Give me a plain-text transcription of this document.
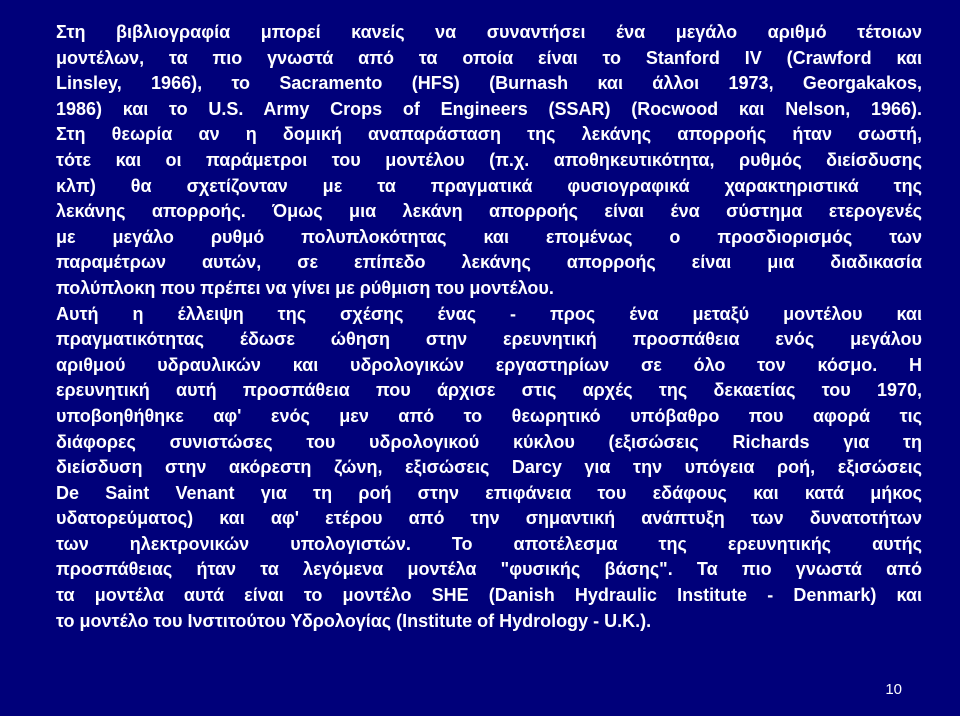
Στη βιβλιογραφία μπορεί κανείς να συναντήσει ένα μεγάλο αριθμό τέτοιων
μοντέλων, τα πιο γνωστά από τα οποία είναι το Stanford IV (Crawford και
Linsley, 1966), το Sacramento (HFS) (Burnash και άλλοι 1973, Georgakakos,
1986) και το U.S. Army Crops of Engineers (SSAR) (Rocwood και Nelson, 1966).
Στη θεωρία αν η δομική αναπαράσταση της λεκάνης απορροής ήταν σωστή,
τότε και οι παράμετροι του μοντέλου (π.χ. αποθηκευτικότητα, ρυθμός διείσδυσης
κλπ) θα σχετίζονταν με τα πραγματικά φυσιογραφικά χαρακτηριστικά της
λεκάνης απορροής. Όμως μια λεκάνη απορροής είναι ένα σύστημα ετερογενές
με μεγάλο ρυθμό πολυπλοκότητας και επομένως ο προσδιορισμός των
παραμέτρων αυτών, σε επίπεδο λεκάνης απορροής είναι μια διαδικασία
πολύπλοκη που πρέπει να γίνει με ρύθμιση του μοντέλου.
Αυτή η έλλειψη της σχέσης ένας - προς ένα μεταξύ μοντέλου και
πραγματικότητας έδωσε ώθηση στην ερευνητική προσπάθεια ενός μεγάλου
αριθμού υδραυλικών και υδρολογικών εργαστηρίων σε όλο τον κόσμο. Η
ερευνητική αυτή προσπάθεια που άρχισε στις αρχές της δεκαετίας του 1970,
υποβοηθήθηκε αφ' ενός μεν από το θεωρητικό υπόβαθρο που αφορά τις
διάφορες συνιστώσες του υδρολογικού κύκλου (εξισώσεις Richards για τη
διείσδυση στην ακόρεστη ζώνη, εξισώσεις Darcy για την υπόγεια ροή, εξισώσεις
De Saint Venant για τη ροή στην επιφάνεια του εδάφους και κατά μήκος
υδατορεύματος) και αφ' ετέρου από την σημαντική ανάπτυξη των δυνατοτήτων
των ηλεκτρονικών υπολογιστών. Το αποτέλεσμα της ερευνητικής αυτής
προσπάθειας ήταν τα λεγόμενα μοντέλα "φυσικής βάσης". Τα πιο γνωστά από
τα μοντέλα αυτά είναι το μοντέλο SHE (Danish Hydraulic Institute - Denmark) και
το μοντέλο του Ινστιτούτου Υδρολογίας (Institute of Hydrology - U.K.).
10
